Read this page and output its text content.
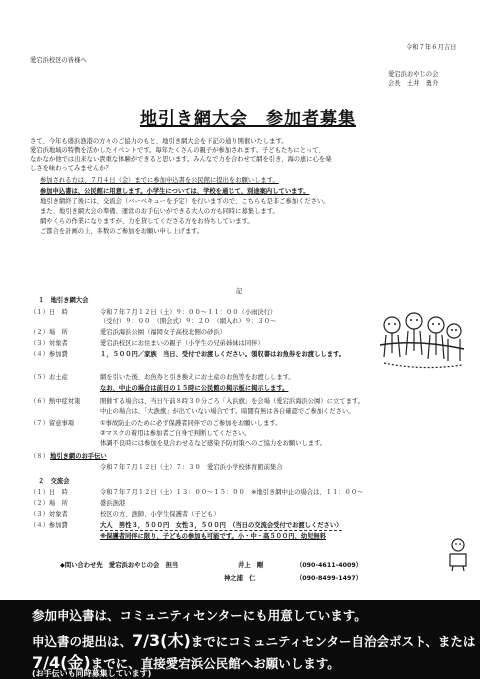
令和７年６月吉日
愛宕浜校区の皆様へ
愛宕浜おやじの会
会長　土井　勇介
地引き網大会　参加者募集
さて、今年も盛浜漁港の方々のご協力のもと、地引き網大会を下記の通り開催いたします。
愛宕浜地域の特徴を活かしたイベントです。毎年たくさんの親子が参加されます。子どもたちにとって、
なかなか他では出来ない貴重な体験ができると思います。みんなで力を合わせて網を引き、海の恵に心を楽
しさを味わってみませんか？
参加される方は、７月４日（金）までに参加申込書を公民館に提出をお願いします。
参加申込書は、公民館に用意します。小学生については、学校を通じて、別途案内しています。
地引き網終了後には、交流会（バーベキューを予定）を行いますので、こちらも是非ご参加ください。
また、地引き網大会の準備、運営のお手伝いができる大人の方も同時に募集します。
網やくらの作業になりますが、力を貸してくださる方をお待ちしています。
ご都合を計画の上、多数のご参加をお願い申し上げます。
記
１　地引き網大会
（１）日　時	令和７年７月１２日（土）９：００～１１：００（小雨決行）
（受付）９：００　（開会式）９：２０　（網入れ）９：３０～
（２）場　所	愛宕浜海浜公園（福岡女子高校北側の砂浜）
（３）対象者	愛宕浜校区にお住まいの親子（小学生の兄弟姉妹は同伴）
（４）参加費	１，５００円／家族　当日、受付でお渡しください。領収書はお魚券をお渡しします。
（５）お土産	網を引いた後、お魚券と引き換えにお土産のお魚等をお渡しします。
なお、中止の場合は前日の１５時に公民館の掲示板に掲示します。
（６）熱中症対策	開催する場合は、当日午前８時３０分ごろ「入浜旗」を会場（愛宕浜海浜公園）に立てます。
中止の場合は、「大漁旗」が出ていない場合です。暗闇有無は各自確認でご参加ください。
（７）留意事項	①事故防止のために必ず保護者同伴でのご参加をお願いします。
②マスクの着用は参加者ご自身で判断してください。
体調不良時には参加を見合わせるなど感染予防対策へのご協力をお願いします。
（８） 地引き網のお手伝い
令和７年７月１２日（土）７：３０　愛宕浜小学校体育館前集合
２　交流会
（１）日　時	令和７年７月１２日（土）１３：００～１５：００　※地引き網中止の場合は、１１：００～
（２）場　所	盛浜漁港
（３）対象者	校区の方、漁師、小学生保護者（子ども）
（４）参加費	大人　男性３，５００円　女性３，５００円　（当日の交流会受付でお渡しください）
※保護者同伴に限り、子どもの参加も可能です。小・中・高５００円、幼児無料
◆問い合わせ先　愛宕浜おやじの会　担当	井上　剛	（090-4611-4009）
神之浦　仁	（090-8499-1497）
参加申込書は、コミュニティセンターにも用意しています。
申込書の提出は、7/3(木)までにコミュニティセンター自治会ポスト、または
7/4(金)までに、直接愛宕浜公民館へお願いします。
(お手伝いも同時募集しています)
